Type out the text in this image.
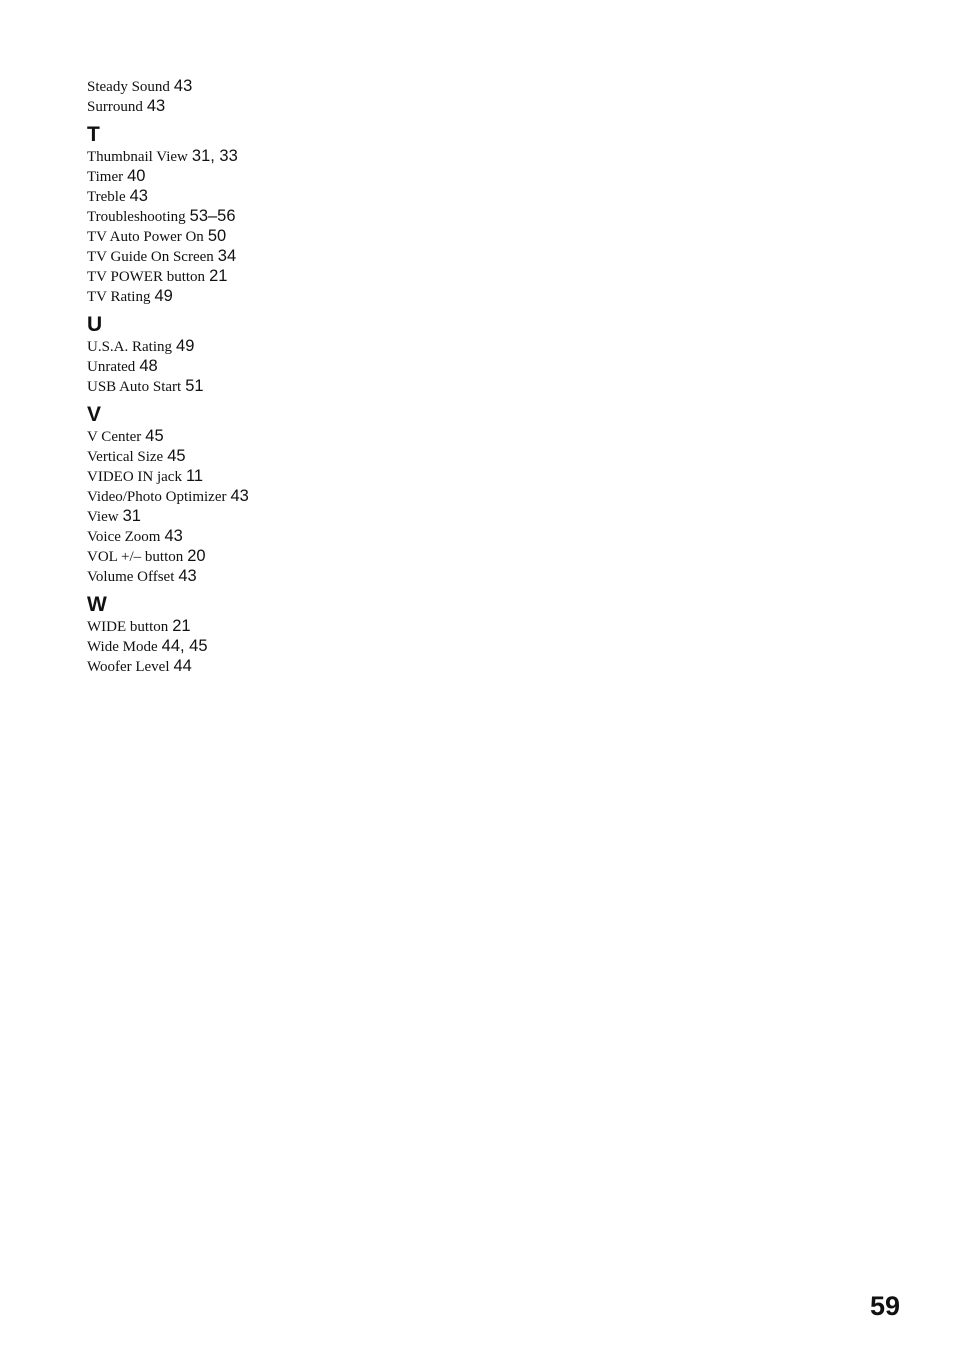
Steady Sound 43
Surround 43
T
Thumbnail View 31, 33
Timer 40
Treble 43
Troubleshooting 53–56
TV Auto Power On 50
TV Guide On Screen 34
TV POWER button 21
TV Rating 49
U
U.S.A. Rating 49
Unrated 48
USB Auto Start 51
V
V Center 45
Vertical Size 45
VIDEO IN jack 11
Video/Photo Optimizer 43
View 31
Voice Zoom 43
VOL +/– button 20
Volume Offset 43
W
WIDE button 21
Wide Mode 44, 45
Woofer Level 44
59
